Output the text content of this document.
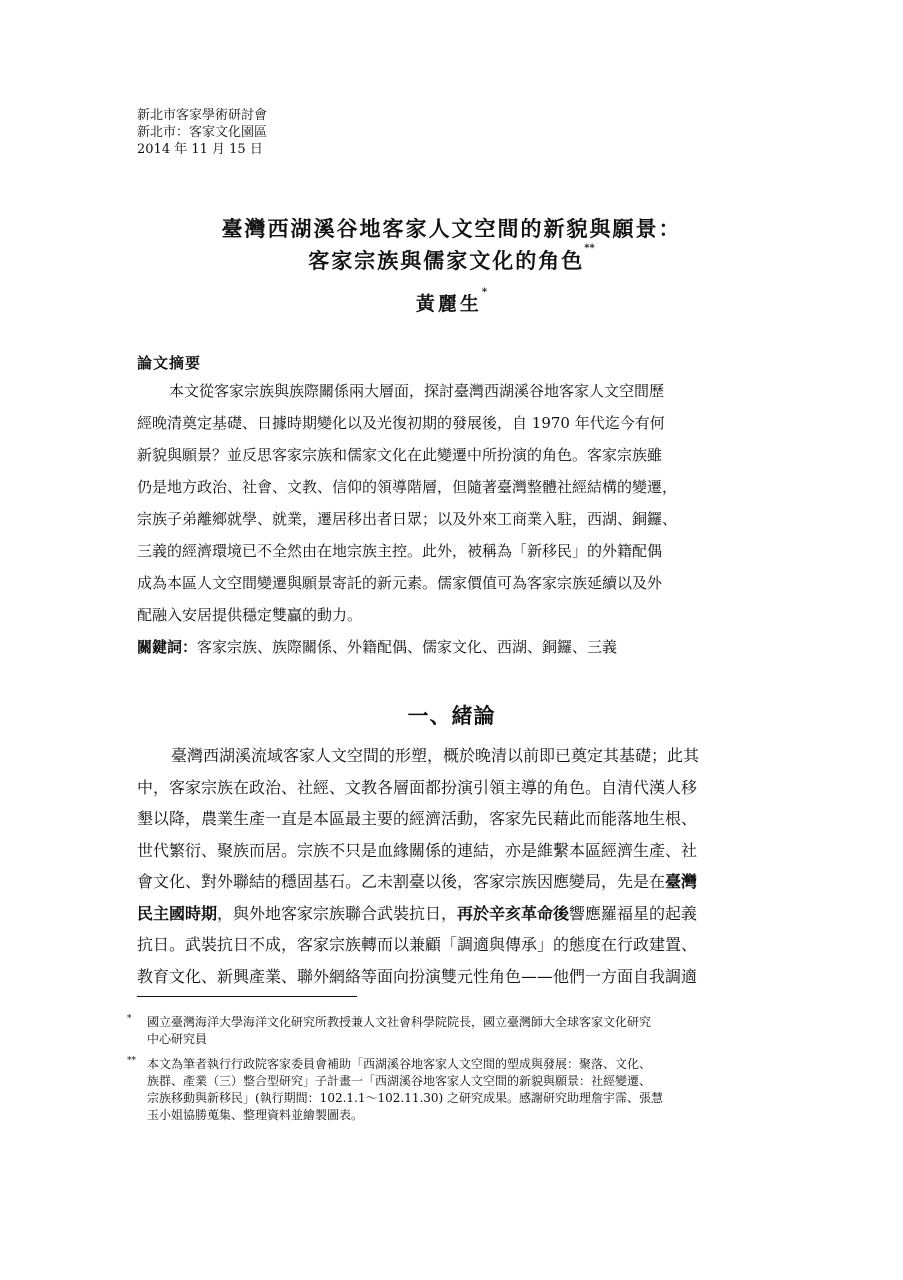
新北市客家學術研討會
新北市：客家文化園區
2014 年 11 月 15 日
臺灣西湖溪谷地客家人文空間的新貌與願景：
客家宗族與儒家文化的角色**
黃麗生*
論文摘要
本文從客家宗族與族際關係兩大層面，探討臺灣西湖溪谷地客家人文空間歷
經晚清奠定基礎、日據時期變化以及光復初期的發展後，自 1970 年代迄今有何
新貌與願景？並反思客家宗族和儒家文化在此變遷中所扮演的角色。客家宗族雖
仍是地方政治、社會、文教、信仰的領導階層，但隨著臺灣整體社經結構的變遷，
宗族子弟離鄉就學、就業，遷居移出者日眾；以及外來工商業入駐，西湖、銅鑼、
三義的經濟環境已不全然由在地宗族主控。此外，被稱為「新移民」的外籍配偶
成為本區人文空間變遷與願景寄託的新元素。儒家價值可為客家宗族延續以及外
配融入安居提供穩定雙贏的動力。
關鍵詞：客家宗族、族際關係、外籍配偶、儒家文化、西湖、銅鑼、三義
一、緒論
臺灣西湖溪流域客家人文空間的形塑，概於晚清以前即已奠定其基礎；此其
中，客家宗族在政治、社經、文教各層面都扮演引領主導的角色。自清代漢人移
墾以降，農業生產一直是本區最主要的經濟活動，客家先民藉此而能落地生根、
世代繁衍、聚族而居。宗族不只是血緣關係的連結，亦是維繫本區經濟生產、社
會文化、對外聯結的穩固基石。乙未割臺以後，客家宗族因應變局，先是在臺灣
民主國時期，與外地客家宗族聯合武裝抗日，再於辛亥革命後響應羅福星的起義
抗日。武裝抗日不成，客家宗族轉而以兼顧「調適與傳承」的態度在行政建置、
教育文化、新興產業、聯外網絡等面向扮演雙元性角色——他們一方面自我調適
* 國立臺灣海洋大學海洋文化研究所教授兼人文社會科學院院長，國立臺灣師大全球客家文化研究
中心研究員
** 本文為筆者執行行政院客家委員會補助「西湖溪谷地客家人文空間的塑成與發展：聚落、文化、
族群、產業（三）整合型研究」子計畫一「西湖溪谷地客家人文空間的新貌與願景：社經變遷、
宗族移動與新移民」(執行期間：102.1.1～102.11.30) 之研究成果。感謝研究助理詹宇霈、張慧
玉小姐協勝蒐集、整理資料並繪製圖表。
